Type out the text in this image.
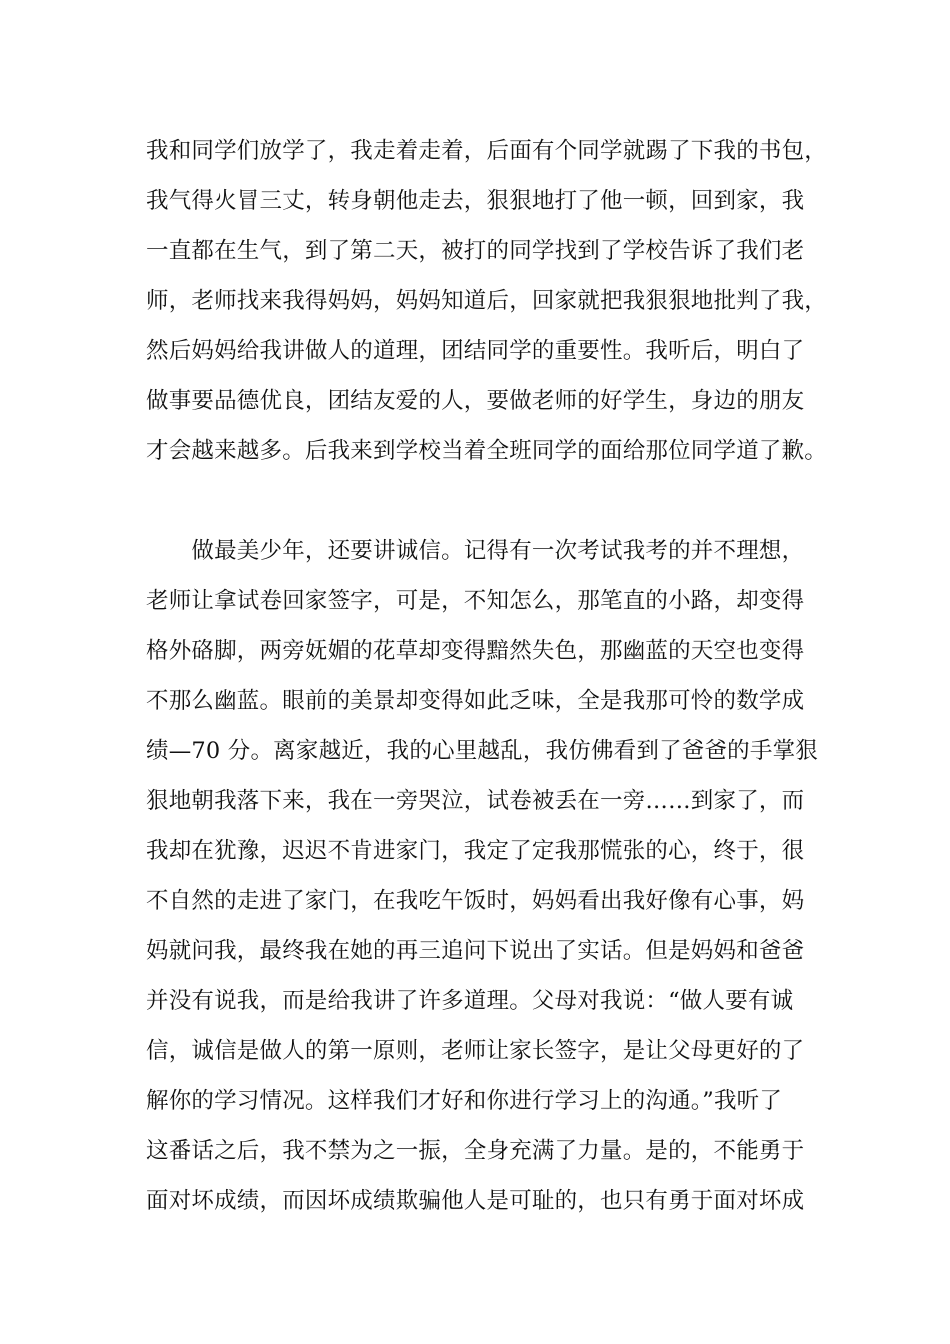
我和同学们放学了，我走着走着，后面有个同学就踢了下我的书包，
我气得火冒三丈，转身朝他走去，狠狠地打了他一顿，回到家，我
一直都在生气，到了第二天，被打的同学找到了学校告诉了我们老
师，老师找来我得妈妈，妈妈知道后，回家就把我狠狠地批判了我，
然后妈妈给我讲做人的道理，团结同学的重要性。我听后，明白了
做事要品德优良，团结友爱的人，要做老师的好学生，身边的朋友
才会越来越多。后我来到学校当着全班同学的面给那位同学道了歉。
　　做最美少年，还要讲诚信。记得有一次考试我考的并不理想，
老师让拿试卷回家签字，可是，不知怎么，那笔直的小路，却变得
格外硌脚，两旁妩媚的花草却变得黯然失色，那幽蓝的天空也变得
不那么幽蓝。眼前的美景却变得如此乏味，全是我那可怜的数学成
绩—70 分。离家越近，我的心里越乱，我仿佛看到了爸爸的手掌狠
狠地朝我落下来，我在一旁哭泣，试卷被丢在一旁……到家了，而
我却在犹豫，迟迟不肯进家门，我定了定我那慌张的心，终于，很
不自然的走进了家门，在我吃午饭时，妈妈看出我好像有心事，妈
妈就问我，最终我在她的再三追问下说出了实话。但是妈妈和爸爸
并没有说我，而是给我讲了许多道理。父母对我说：“做人要有诚
信，诚信是做人的第一原则，老师让家长签字，是让父母更好的了
解你的学习情况。这样我们才好和你进行学习上的沟通。”我听了
这番话之后，我不禁为之一振，全身充满了力量。是的，不能勇于
面对坏成绩，而因坏成绩欺骗他人是可耻的，也只有勇于面对坏成
